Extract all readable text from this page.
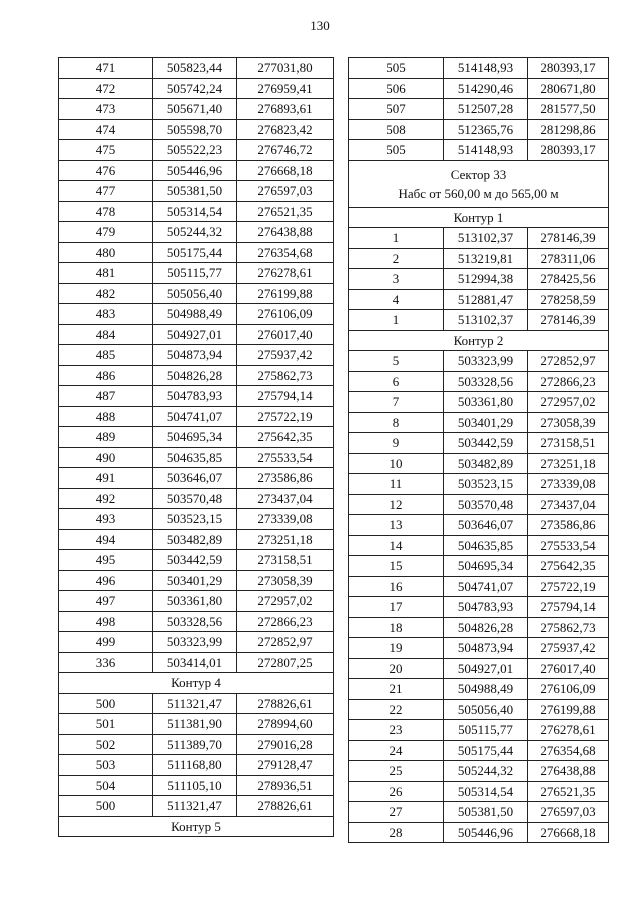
130
471	505823,44	277031,80
472	505742,24	276959,41
473	505671,40	276893,61
474	505598,70	276823,42
475	505522,23	276746,72
476	505446,96	276668,18
477	505381,50	276597,03
478	505314,54	276521,35
479	505244,32	276438,88
480	505175,44	276354,68
481	505115,77	276278,61
482	505056,40	276199,88
483	504988,49	276106,09
484	504927,01	276017,40
485	504873,94	275937,42
486	504826,28	275862,73
487	504783,93	275794,14
488	504741,07	275722,19
489	504695,34	275642,35
490	504635,85	275533,54
491	503646,07	273586,86
492	503570,48	273437,04
493	503523,15	273339,08
494	503482,89	273251,18
495	503442,59	273158,51
496	503401,29	273058,39
497	503361,80	272957,02
498	503328,56	272866,23
499	503323,99	272852,97
336	503414,01	272807,25
Контур 4		
500	511321,47	278826,61
501	511381,90	278994,60
502	511389,70	279016,28
503	511168,80	279128,47
504	511105,10	278936,51
500	511321,47	278826,61
Контур 5		
505	514148,93	280393,17
506	514290,46	280671,80
507	512507,28	281577,50
508	512365,76	281298,86
505	514148,93	280393,17

Сектор 33
Набс от 560,00 м до 565,00 м		

Контур 1		
1	513102,37	278146,39
2	513219,81	278311,06
3	512994,38	278425,56
4	512881,47	278258,59
1	513102,37	278146,39
Контур 2		
5	503323,99	272852,97
6	503328,56	272866,23
7	503361,80	272957,02
8	503401,29	273058,39
9	503442,59	273158,51
10	503482,89	273251,18
11	503523,15	273339,08
12	503570,48	273437,04
13	503646,07	273586,86
14	504635,85	275533,54
15	504695,34	275642,35
16	504741,07	275722,19
17	504783,93	275794,14
18	504826,28	275862,73
19	504873,94	275937,42
20	504927,01	276017,40
21	504988,49	276106,09
22	505056,40	276199,88
23	505115,77	276278,61
24	505175,44	276354,68
25	505244,32	276438,88
26	505314,54	276521,35
27	505381,50	276597,03
28	505446,96	276668,18
